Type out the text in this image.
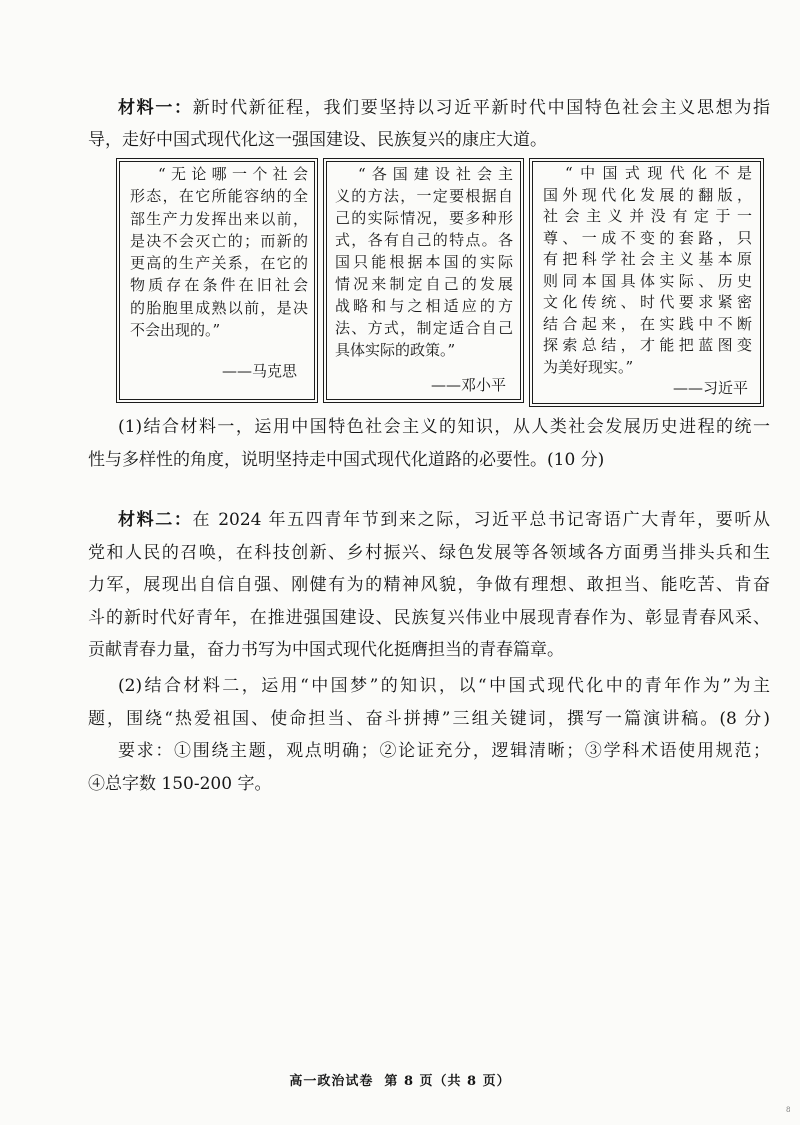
材料一：新时代新征程，我们要坚持以习近平新时代中国特色社会主义思想为指
导，走好中国式现代化这一强国建设、民族复兴的康庄大道。
“无论哪一个社会
形态，在它所能容纳的全
部生产力发挥出来以前，
是决不会灭亡的；而新的
更高的生产关系，在它的
物质存在条件在旧社会
的胎胞里成熟以前，是决
不会出现的。”
——马克思
“各国建设社会主
义的方法，一定要根据自
己的实际情况，要多种形
式，各有自己的特点。各
国只能根据本国的实际
情况来制定自己的发展
战略和与之相适应的方
法、方式，制定适合自己
具体实际的政策。”
——邓小平
“中国式现代化不是
国外现代化发展的翻版，
社会主义并没有定于一
尊、一成不变的套路，只
有把科学社会主义基本原
则同本国具体实际、历史
文化传统、时代要求紧密
结合起来，在实践中不断
探索总结，才能把蓝图变
为美好现实。”
——习近平
(1)结合材料一，运用中国特色社会主义的知识，从人类社会发展历史进程的统一
性与多样性的角度，说明坚持走中国式现代化道路的必要性。(10 分)
材料二：在 2024 年五四青年节到来之际，习近平总书记寄语广大青年，要听从
党和人民的召唤，在科技创新、乡村振兴、绿色发展等各领域各方面勇当排头兵和生
力军，展现出自信自强、刚健有为的精神风貌，争做有理想、敢担当、能吃苦、肯奋
斗的新时代好青年，在推进强国建设、民族复兴伟业中展现青春作为、彰显青春风采、
贡献青春力量，奋力书写为中国式现代化挺膺担当的青春篇章。
(2)结合材料二，运用“中国梦”的知识，以“中国式现代化中的青年作为”为主
题，围绕“热爱祖国、使命担当、奋斗拼搏”三组关键词，撰写一篇演讲稿。(8 分)
要求：①围绕主题，观点明确；②论证充分，逻辑清晰；③学科术语使用规范；
④总字数 150-200 字。
高一政治试卷  第 8 页（共 8 页）
8
